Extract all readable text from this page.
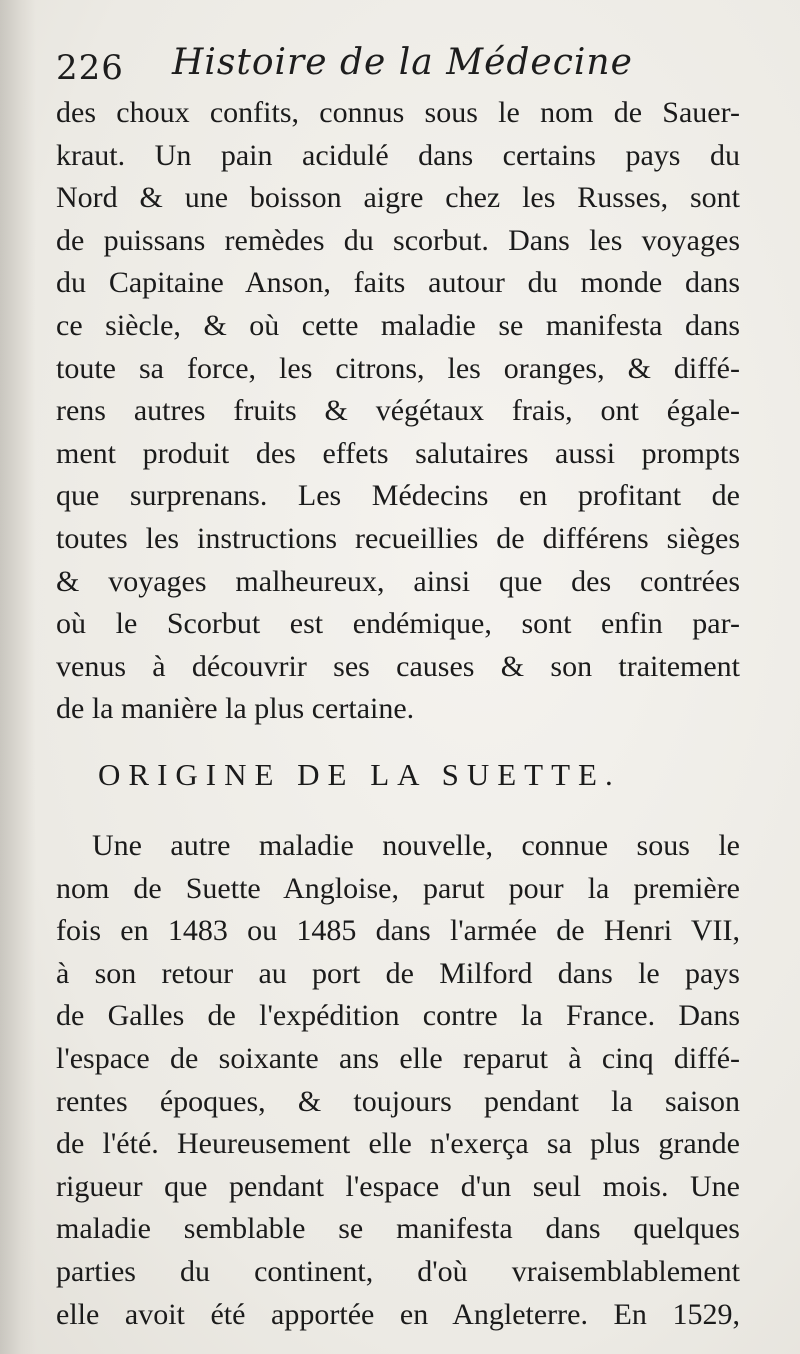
226 Histoire de la Médecine
des choux confits, connus sous le nom de Sauer-
kraut. Un pain acidulé dans certains pays du
Nord & une boisson aigre chez les Russes, sont
de puissans remèdes du scorbut. Dans les voyages
du Capitaine Anson, faits autour du monde dans
ce siècle, & où cette maladie se manifesta dans
toute sa force, les citrons, les oranges, & diffé-
rens autres fruits & végétaux frais, ont égale-
ment produit des effets salutaires aussi prompts
que surprenans. Les Médecins en profitant de
toutes les instructions recueillies de différens sièges
& voyages malheureux, ainsi que des contrées
où le Scorbut est endémique, sont enfin par-
venus à découvrir ses causes & son traitement
de la manière la plus certaine.
ORIGINE DE LA SUETTE.
Une autre maladie nouvelle, connue sous le
nom de Suette Angloise, parut pour la première
fois en 1483 ou 1485 dans l'armée de Henri VII,
à son retour au port de Milford dans le pays
de Galles de l'expédition contre la France. Dans
l'espace de soixante ans elle reparut à cinq diffé-
rentes époques, & toujours pendant la saison
de l'été. Heureusement elle n'exerça sa plus grande
rigueur que pendant l'espace d'un seul mois. Une
maladie semblable se manifesta dans quelques
parties du continent, d'où vraisemblablement
elle avoit été apportée en Angleterre. En 1529,
